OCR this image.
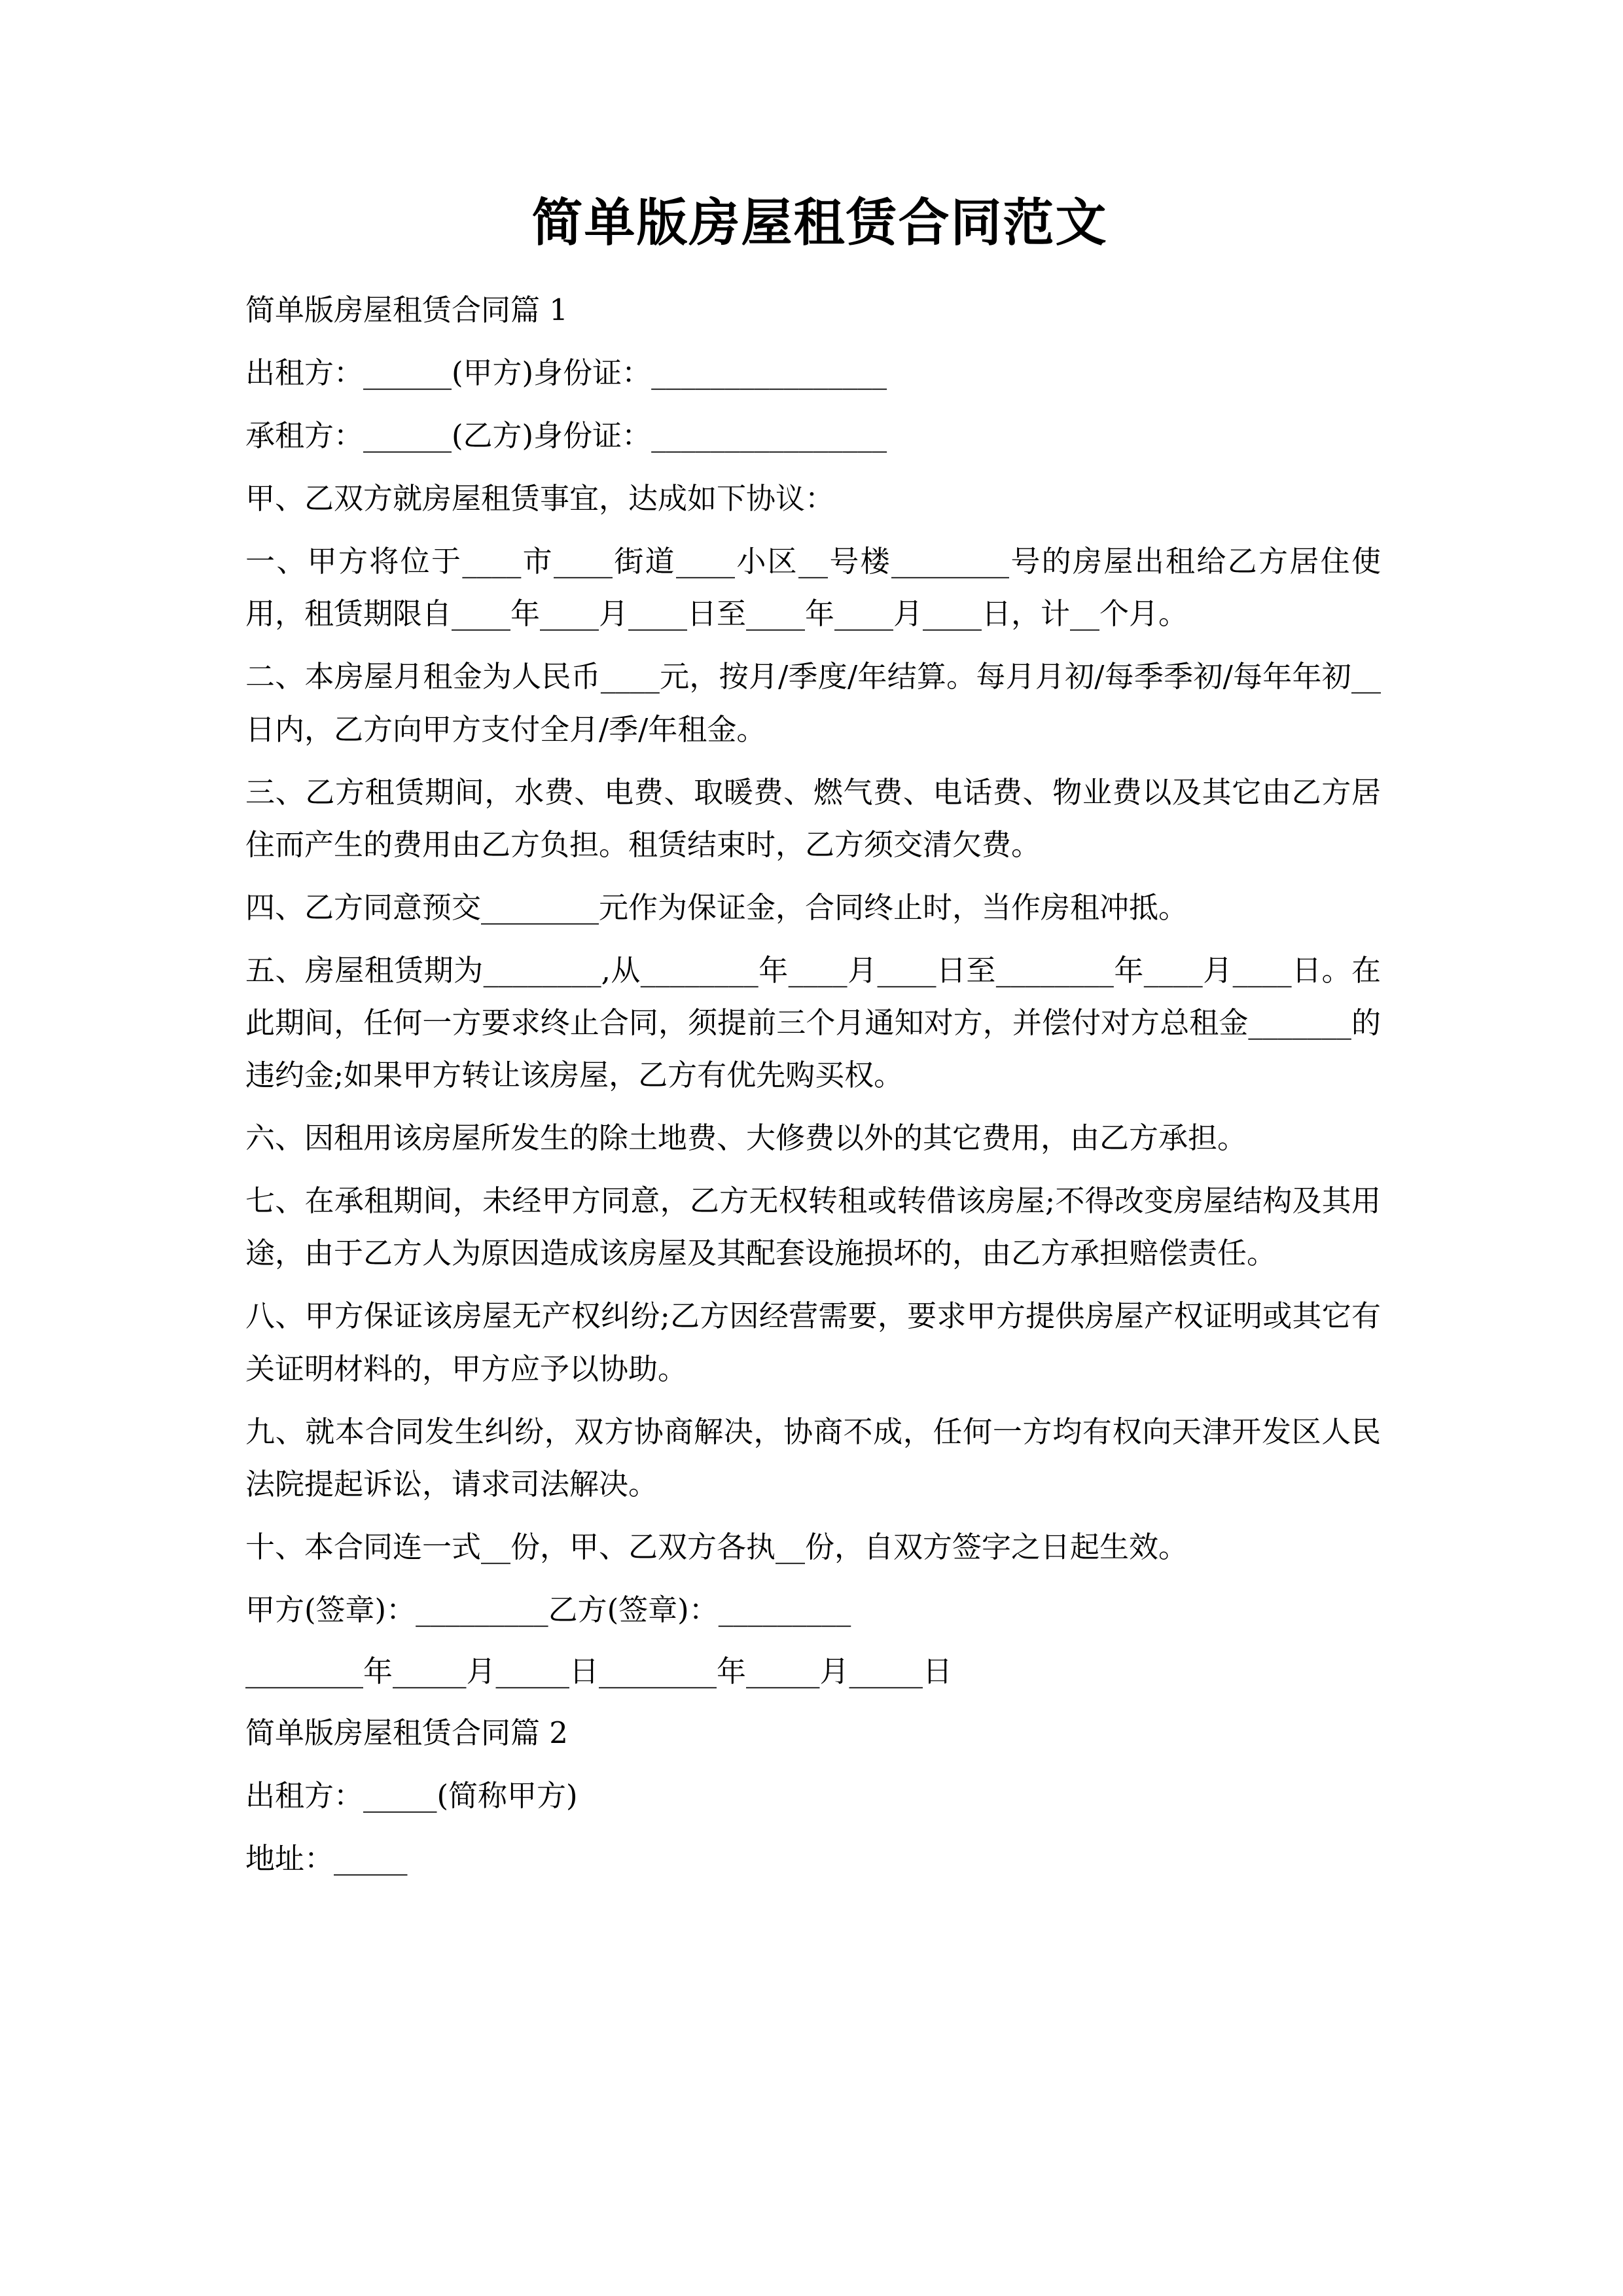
简单版房屋租赁合同范文

简单版房屋租赁合同篇 1

出租方：______(甲方)身份证：________________

承租方：______(乙方)身份证：________________

甲、乙双方就房屋租赁事宜，达成如下协议：

一、甲方将位于____市____街道____小区__号楼________号的房屋出租给乙方居住使用，租赁期限自____年____月____日至____年____月____日，计__个月。

二、本房屋月租金为人民币____元，按月/季度/年结算。每月月初/每季季初/每年年初__日内，乙方向甲方支付全月/季/年租金。

三、乙方租赁期间，水费、电费、取暖费、燃气费、电话费、物业费以及其它由乙方居住而产生的费用由乙方负担。租赁结束时，乙方须交清欠费。

四、乙方同意预交________元作为保证金，合同终止时，当作房租冲抵。

五、房屋租赁期为________,从________年____月____日至________年____月____日。在此期间，任何一方要求终止合同，须提前三个月通知对方，并偿付对方总租金_______的违约金;如果甲方转让该房屋，乙方有优先购买权。

六、因租用该房屋所发生的除土地费、大修费以外的其它费用，由乙方承担。

七、在承租期间，未经甲方同意，乙方无权转租或转借该房屋;不得改变房屋结构及其用途，由于乙方人为原因造成该房屋及其配套设施损坏的，由乙方承担赔偿责任。

八、甲方保证该房屋无产权纠纷;乙方因经营需要，要求甲方提供房屋产权证明或其它有关证明材料的，甲方应予以协助。

九、就本合同发生纠纷，双方协商解决，协商不成，任何一方均有权向天津开发区人民法院提起诉讼，请求司法解决。

十、本合同连一式__份，甲、乙双方各执__份，自双方签字之日起生效。

甲方(签章)：_________乙方(签章)：_________

________年_____月_____日________年_____月_____日

简单版房屋租赁合同篇 2

出租方：_____(简称甲方)

地址：_____
